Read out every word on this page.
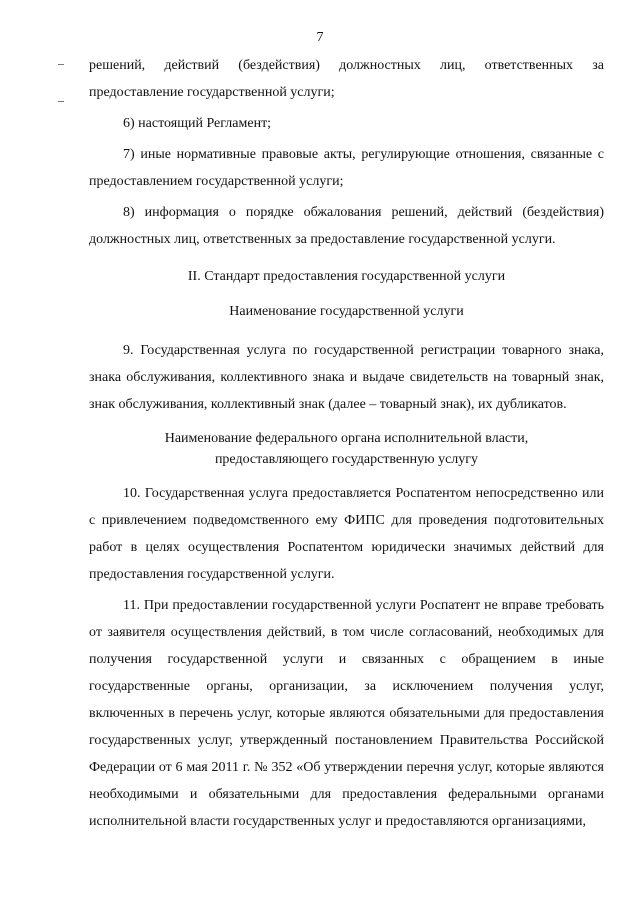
7

решений, действий (бездействия) должностных лиц, ответственных за предоставление государственной услуги;

6) настоящий Регламент;

7) иные нормативные правовые акты, регулирующие отношения, связанные с предоставлением государственной услуги;

8) информация о порядке обжалования решений, действий (бездействия) должностных лиц, ответственных за предоставление государственной услуги.

II. Стандарт предоставления государственной услуги

Наименование государственной услуги

9. Государственная услуга по государственной регистрации товарного знака, знака обслуживания, коллективного знака и выдаче свидетельств на товарный знак, знак обслуживания, коллективный знак (далее – товарный знак), их дубликатов.

Наименование федерального органа исполнительной власти,
предоставляющего государственную услугу

10. Государственная услуга предоставляется Роспатентом непосредственно или с привлечением подведомственного ему ФИПС для проведения подготовительных работ в целях осуществления Роспатентом юридически значимых действий для предоставления государственной услуги.

11. При предоставлении государственной услуги Роспатент не вправе требовать от заявителя осуществления действий, в том числе согласований, необходимых для получения государственной услуги и связанных с обращением в иные государственные органы, организации, за исключением получения услуг, включенных в перечень услуг, которые являются обязательными для предоставления государственных услуг, утвержденный постановлением Правительства Российской Федерации от 6 мая 2011 г. № 352 «Об утверждении перечня услуг, которые являются необходимыми и обязательными для предоставления федеральными органами исполнительной власти государственных услуг и предоставляются организациями,
